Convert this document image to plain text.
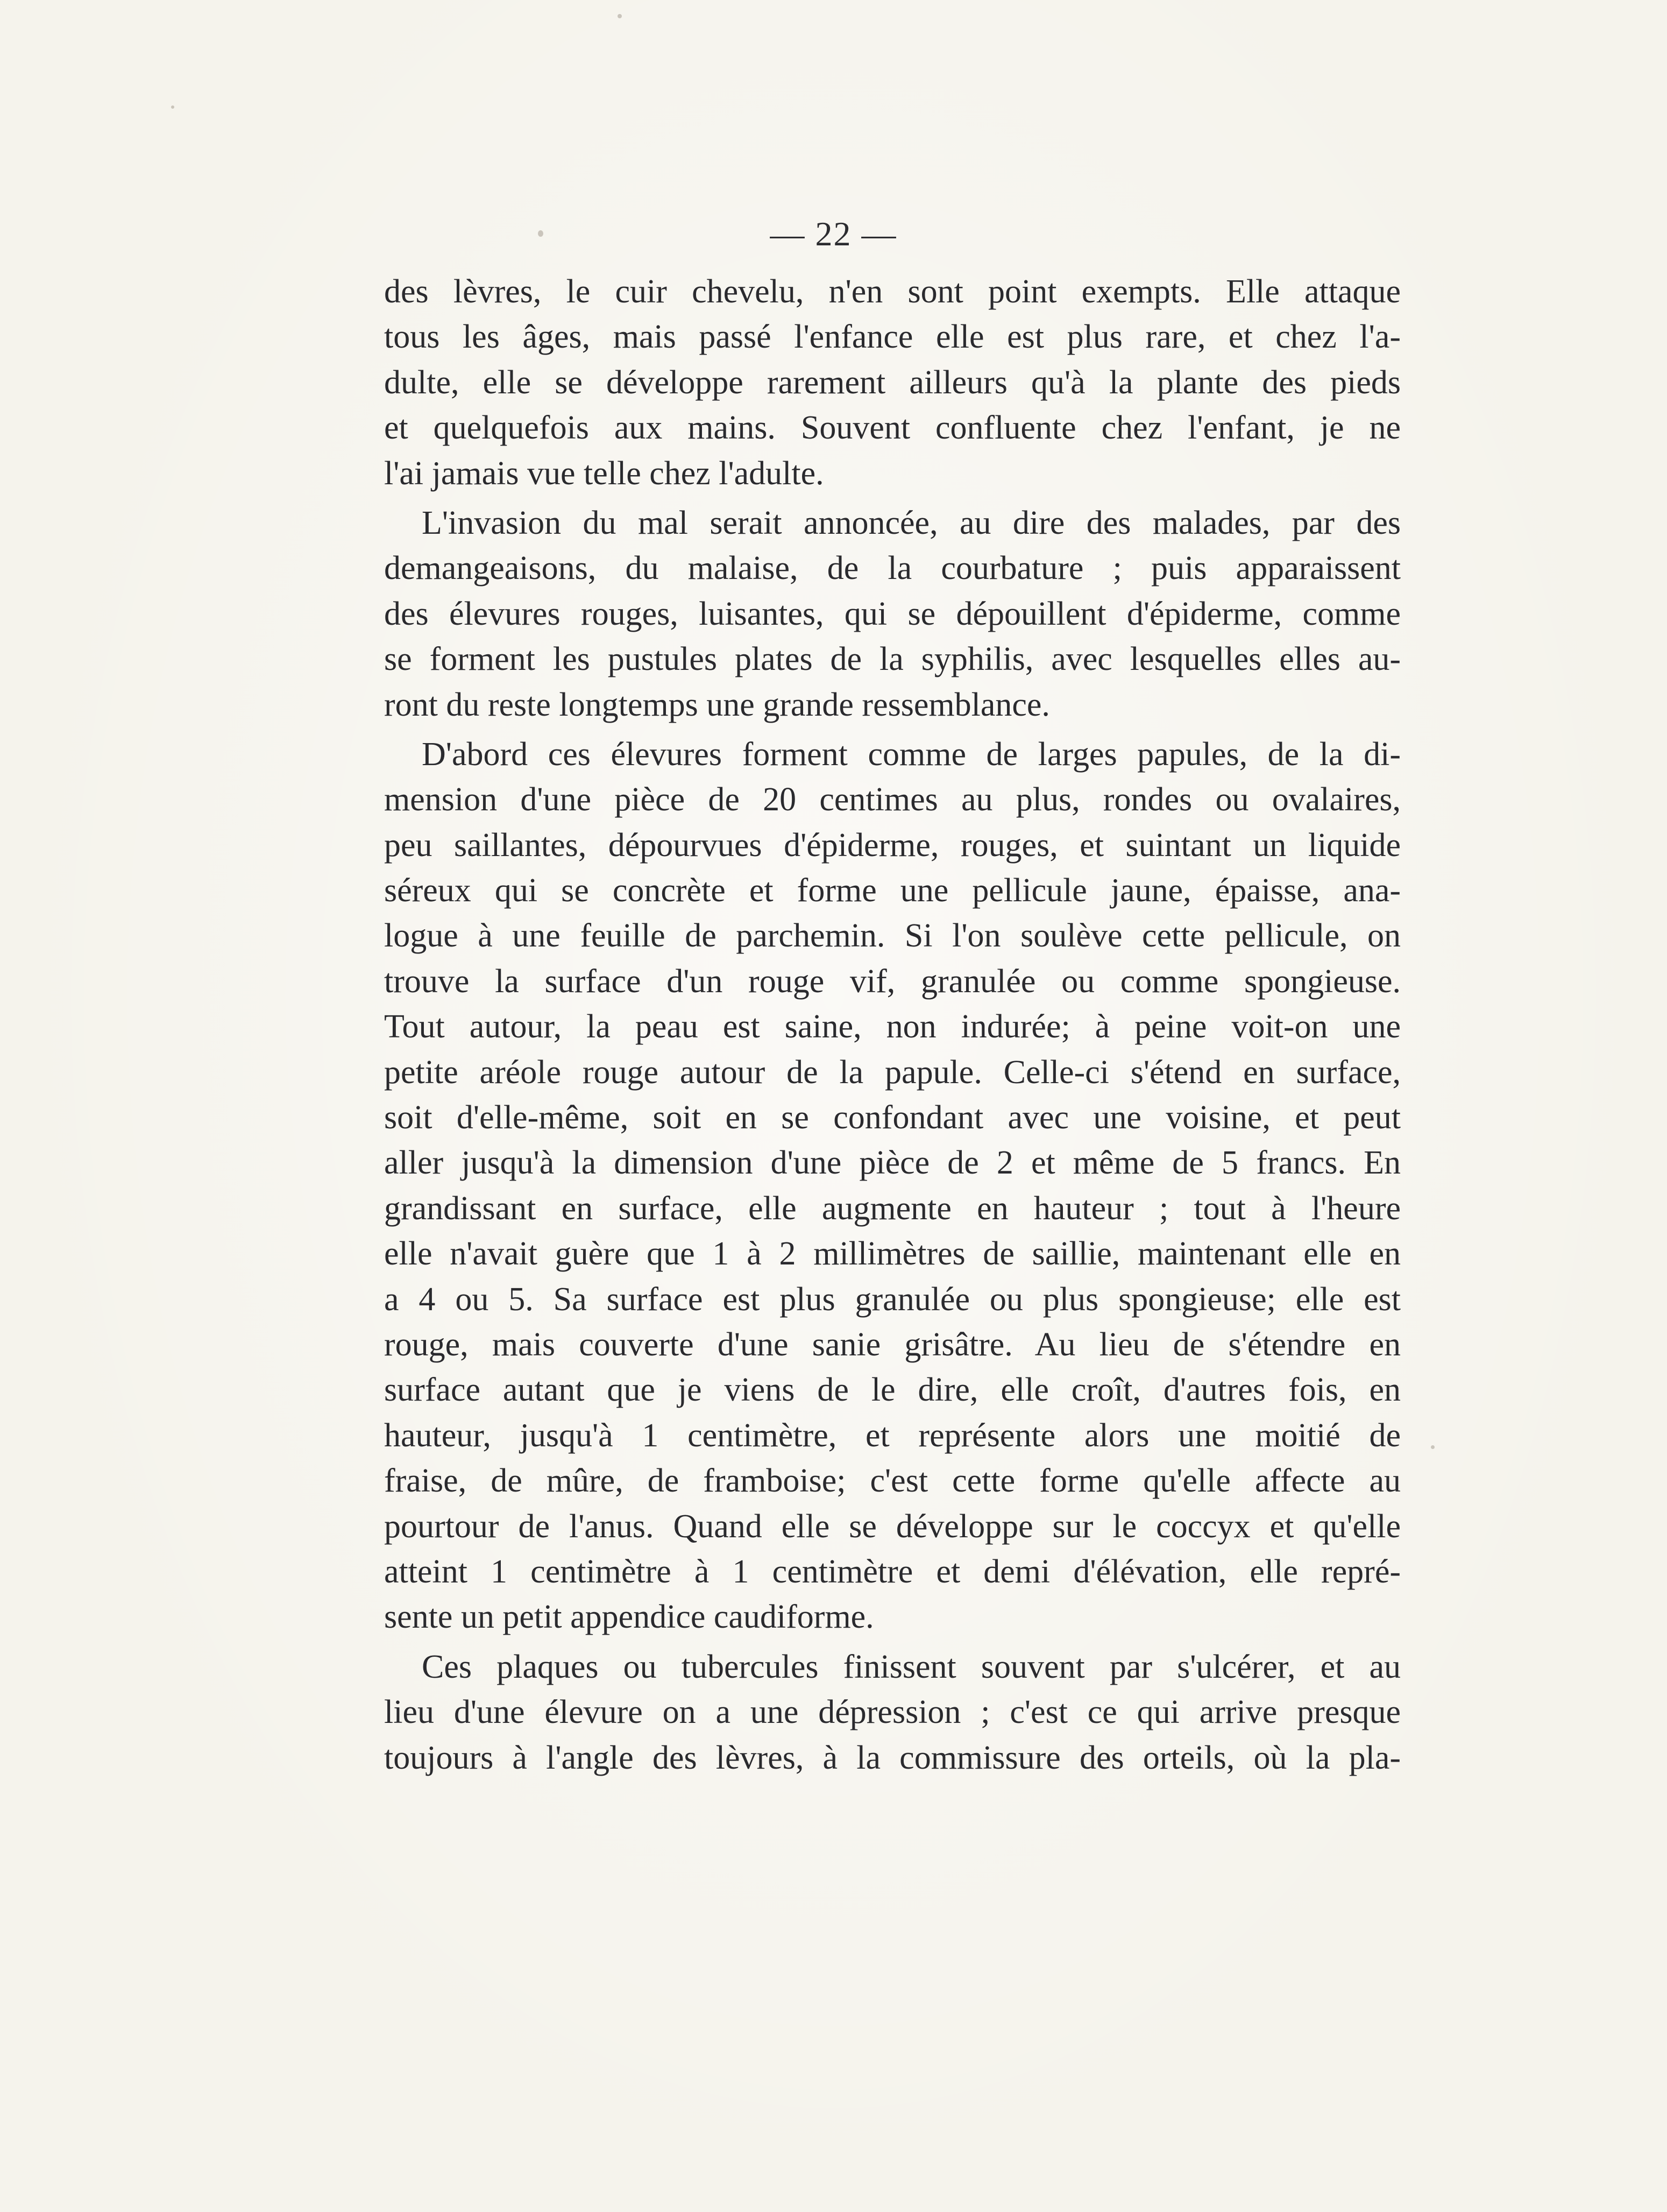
— 22 —
des lèvres, le cuir chevelu, n'en sont point exempts. Elle attaque
tous les âges, mais passé l'enfance elle est plus rare, et chez l'a-
dulte, elle se développe rarement ailleurs qu'à la plante des pieds
et quelquefois aux mains. Souvent confluente chez l'enfant, je ne
l'ai jamais vue telle chez l'adulte.
L'invasion du mal serait annoncée, au dire des malades, par des
demangeaisons, du malaise, de la courbature ; puis apparaissent
des élevures rouges, luisantes, qui se dépouillent d'épiderme, comme
se forment les pustules plates de la syphilis, avec lesquelles elles au-
ront du reste longtemps une grande ressemblance.
D'abord ces élevures forment comme de larges papules, de la di-
mension d'une pièce de 20 centimes au plus, rondes ou ovalaires,
peu saillantes, dépourvues d'épiderme, rouges, et suintant un liquide
séreux qui se concrète et forme une pellicule jaune, épaisse, ana-
logue à une feuille de parchemin. Si l'on soulève cette pellicule, on
trouve la surface d'un rouge vif, granulée ou comme spongieuse.
Tout autour, la peau est saine, non indurée; à peine voit-on une
petite aréole rouge autour de la papule. Celle-ci s'étend en surface,
soit d'elle-même, soit en se confondant avec une voisine, et peut
aller jusqu'à la dimension d'une pièce de 2 et même de 5 francs. En
grandissant en surface, elle augmente en hauteur ; tout à l'heure
elle n'avait guère que 1 à 2 millimètres de saillie, maintenant elle en
a 4 ou 5. Sa surface est plus granulée ou plus spongieuse; elle est
rouge, mais couverte d'une sanie grisâtre. Au lieu de s'étendre en
surface autant que je viens de le dire, elle croît, d'autres fois, en
hauteur, jusqu'à 1 centimètre, et représente alors une moitié de
fraise, de mûre, de framboise; c'est cette forme qu'elle affecte au
pourtour de l'anus. Quand elle se développe sur le coccyx et qu'elle
atteint 1 centimètre à 1 centimètre et demi d'élévation, elle repré-
sente un petit appendice caudiforme.
Ces plaques ou tubercules finissent souvent par s'ulcérer, et au
lieu d'une élevure on a une dépression ; c'est ce qui arrive presque
toujours à l'angle des lèvres, à la commissure des orteils, où la pla-
